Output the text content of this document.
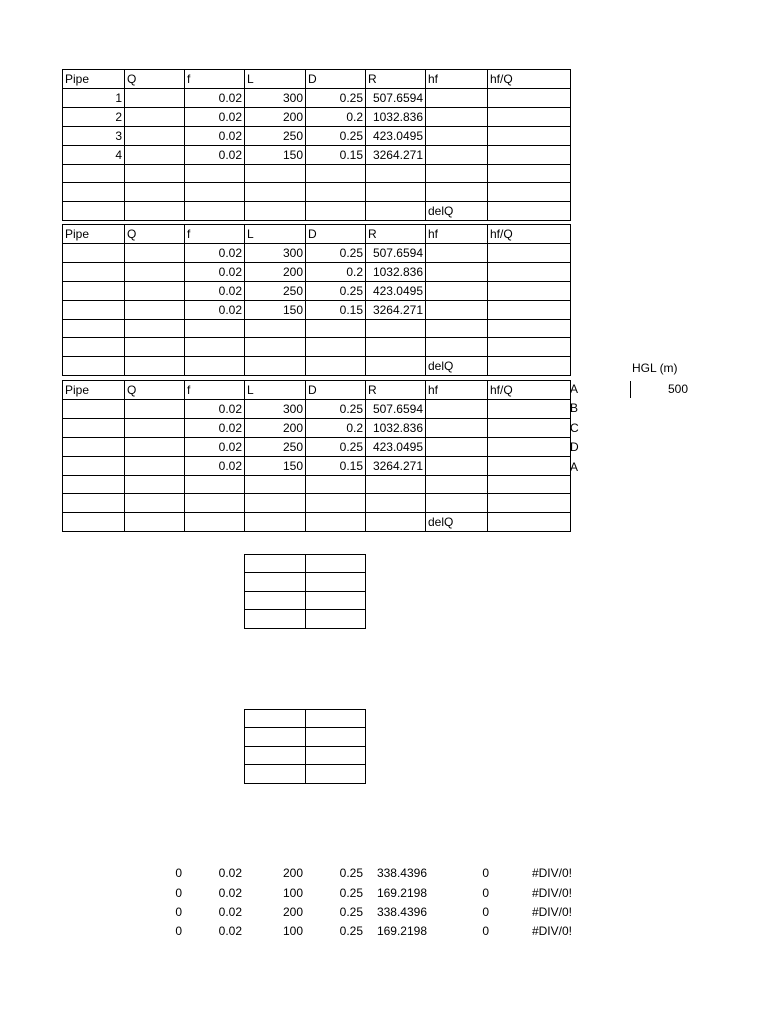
Pipe	Q	f	L	D	R	hf	hf/Q
1		0.02	300	0.25	507.6594		
2		0.02	200	0.2	1032.836		
3		0.02	250	0.25	423.0495		
4		0.02	150	0.15	3264.271		

						delQ	
Pipe	Q	f	L	D	R	hf	hf/Q
		0.02	300	0.25	507.6594		
		0.02	200	0.2	1032.836		
		0.02	250	0.25	423.0495		
		0.02	150	0.15	3264.271		

						delQ	
Pipe	Q	f	L	D	R	hf	hf/Q
		0.02	300	0.25	507.6594		
		0.02	200	0.2	1032.836		
		0.02	250	0.25	423.0495		
		0.02	150	0.15	3264.271		

						delQ	
A
B
C
D
A
HGL (m)
500

0	0.02	200	0.25	338.4396	0	#DIV/0!
0	0.02	100	0.25	169.2198	0	#DIV/0!
0	0.02	200	0.25	338.4396	0	#DIV/0!
0	0.02	100	0.25	169.2198	0	#DIV/0!
